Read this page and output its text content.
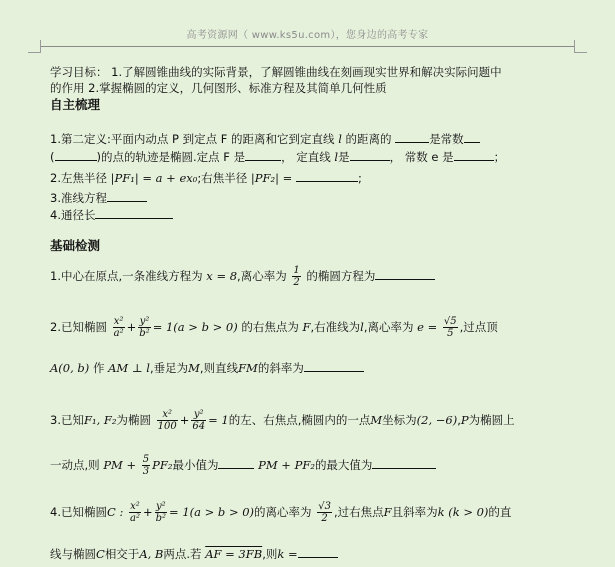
高考资源网（ www.ks5u.com），您身边的高考专家
学习目标： 1.了解圆锥曲线的实际背景，了解圆锥曲线在刻画现实世界和解决实际问题中
的作用 2.掌握椭圆的定义，几何图形、标准方程及其简单几何性质
自主梳理
1.第二定义:平面内动点 P 到定点 F 的距离和它到定直线 l 的距离的	是常数
(	)的点的轨迹是椭圆.定点 F 是	， 定直线 l是	， 常数 e 是	；
2.左焦半径 |PF₁| = a + ex₀;右焦半径 |PF₂| =	;
3.准线方程
4.通径长
基础检测
1.中心在原点,一条准线方程为 x = 8,离心率为 $\frac{1}{2}$ 的椭圆方程为
2.已知椭圆 $\frac{\text{x²}}{\text{a²}} + \frac{\text{y²}}{\text{b²}} = 1(a > b > 0)$ 的右焦点为 F,右准线为l,离心率为 $e = \frac{√5}{5}$ ,过点顶
A(0, b) 作 AM ⊥ l,垂足为M,则直线FM的斜率为
3.已知F₁, F₂为椭圆 $\frac{\text{x²}}{100} + \frac{\text{y²}}{64} = 1$的左、右焦点,椭圆内的一点M坐标为(2, −6),P为椭圆上
一动点,则 PM + $\frac{5}{3} PF_2$最小值为	PM + PF₂的最大值为
4.已知椭圆C : $\frac{\text{x²}}{\text{a²}} + \frac{\text{y²}}{\text{b²}} = 1(a > b > 0)$的离心率为 $\frac{√3}{2}$ ,过右焦点F且斜率为k (k > 0)的直
线与椭圆C相交于A, B两点.若 AF = 3FB,则k =
